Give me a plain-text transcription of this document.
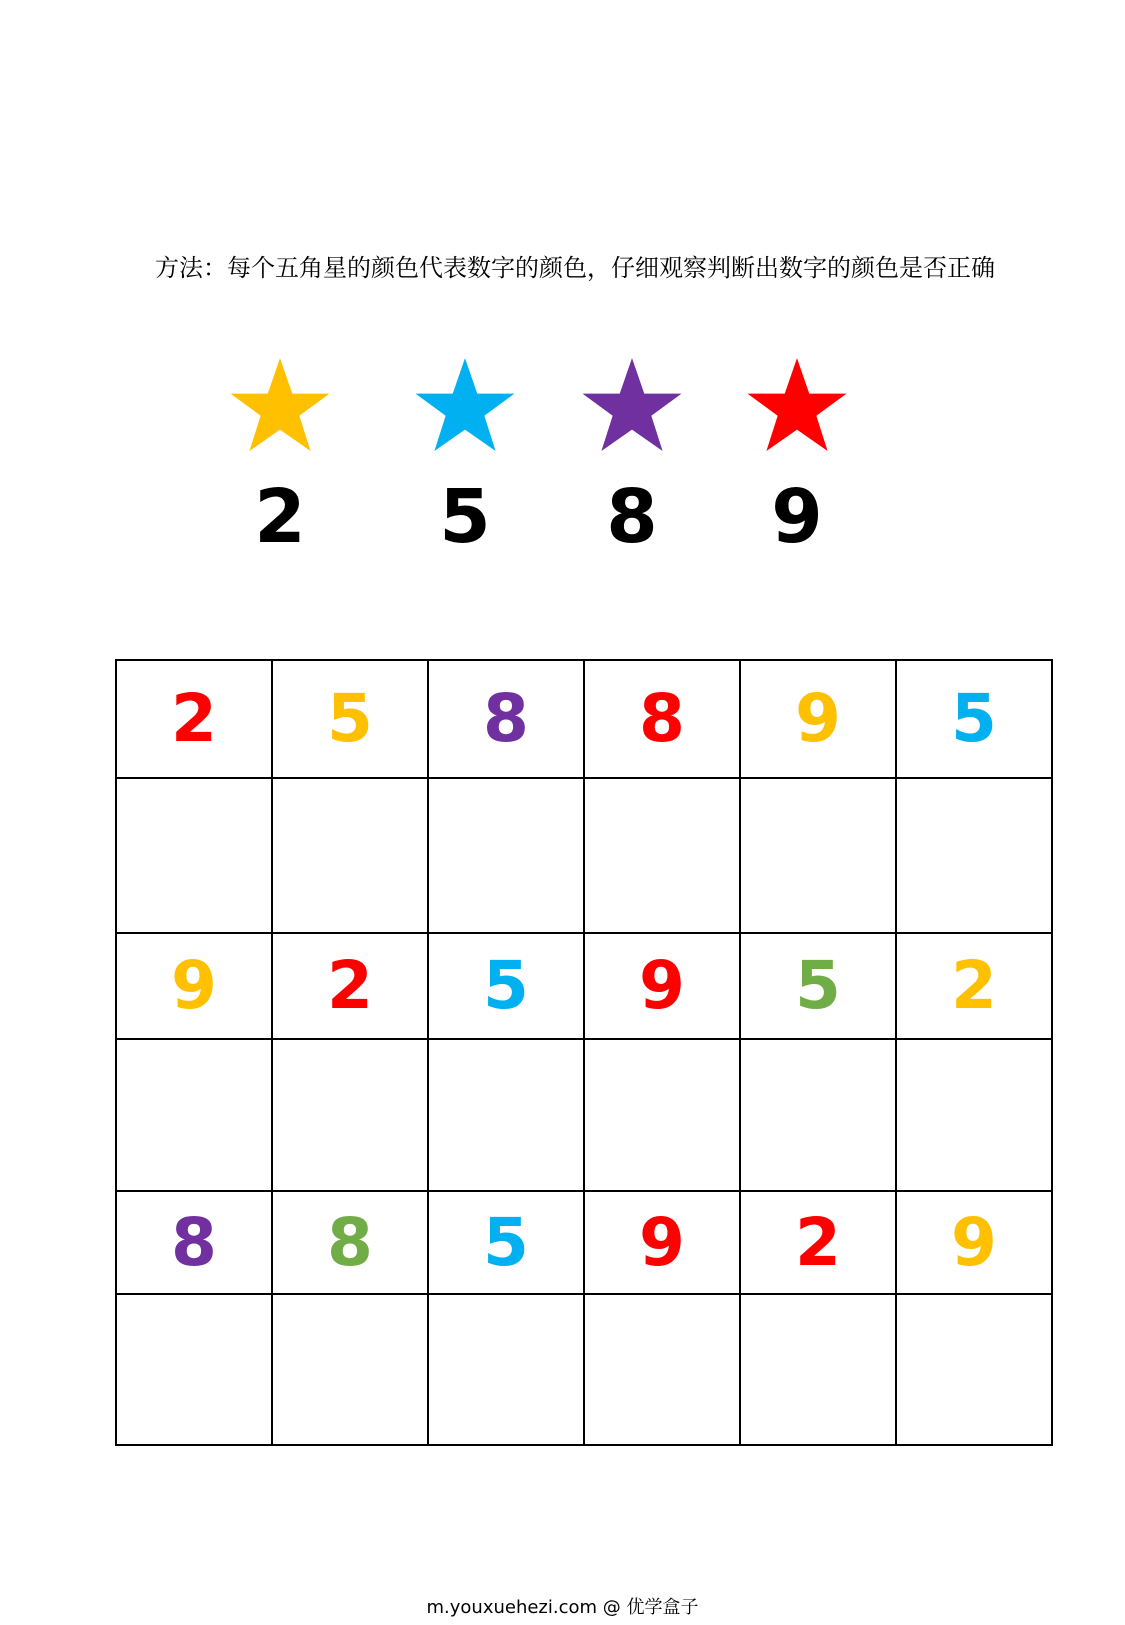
方法：每个五角星的颜色代表数字的颜色，仔细观察判断出数字的颜色是否正确
2	5	8	9
2	5	8	8	9	5

9	2	5	9	5	2

8	8	5	9	2	9

m.youxuehezi.com @ 优学盒子
